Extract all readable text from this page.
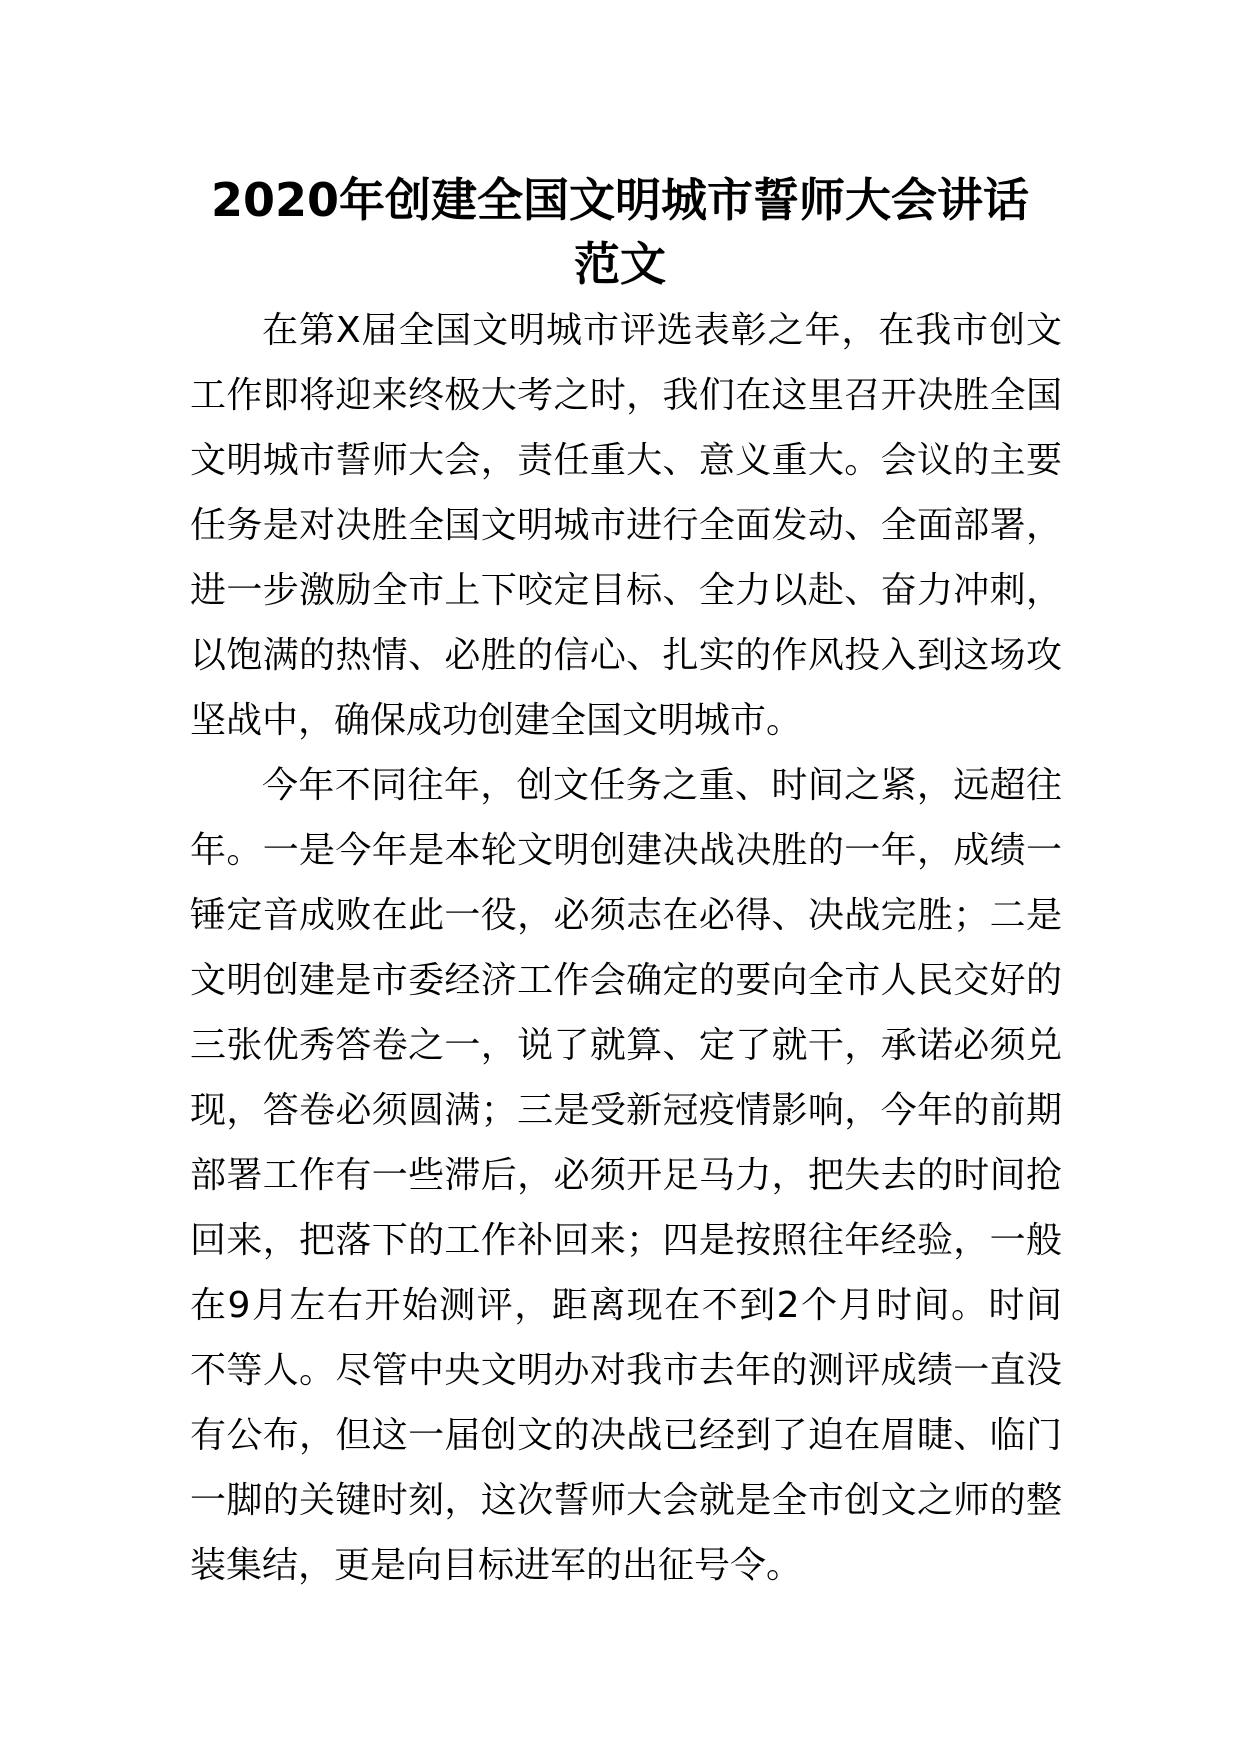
2020年创建全国文明城市誓师大会讲话范文

在第X届全国文明城市评选表彰之年，在我市创文工作即将迎来终极大考之时，我们在这里召开决胜全国文明城市誓师大会，责任重大、意义重大。会议的主要任务是对决胜全国文明城市进行全面发动、全面部署，进一步激励全市上下咬定目标、全力以赴、奋力冲刺，以饱满的热情、必胜的信心、扎实的作风投入到这场攻坚战中，确保成功创建全国文明城市。

今年不同往年，创文任务之重、时间之紧，远超往年。一是今年是本轮文明创建决战决胜的一年，成绩一锤定音成败在此一役，必须志在必得、决战完胜；二是文明创建是市委经济工作会确定的要向全市人民交好的三张优秀答卷之一，说了就算、定了就干，承诺必须兑现，答卷必须圆满；三是受新冠疫情影响，今年的前期部署工作有一些滞后，必须开足马力，把失去的时间抢回来，把落下的工作补回来；四是按照往年经验，一般在9月左右开始测评，距离现在不到2个月时间。时间不等人。尽管中央文明办对我市去年的测评成绩一直没有公布，但这一届创文的决战已经到了迫在眉睫、临门一脚的关键时刻，这次誓师大会就是全市创文之师的整装集结，更是向目标进军的出征号令。
